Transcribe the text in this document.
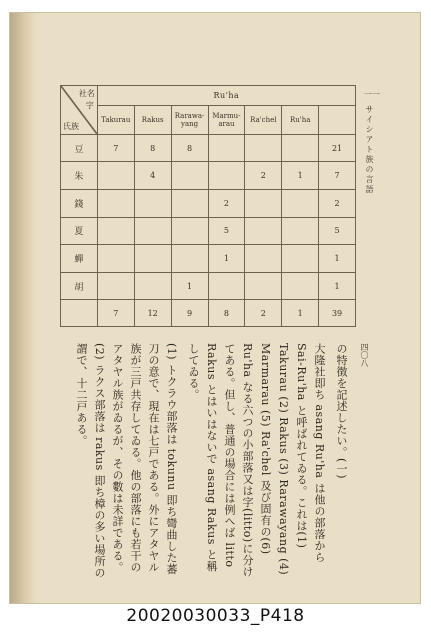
社名
字
氏族	Ru'ha						
	Takurau	Rakus	Rarawa-yang	Marmu-arau	Ra'chel	Ru'ha	
豆	7	8	8				21
朱		4			2	1	7
錢				2			2
夏				5			5
蟬				1			1
胡			1				1
	7	12	9	8	2	1	39
一一
サイシアト族の言語
四〇八

の特徴を記述したい。(一)

大隆社即ち asang Ru'ha は他の部落から Sai-Ru'ha と呼ばれてゐる。これは(1) Takurau (2) Rakus (3) Rarawayang (4) Marmarau (5) Ra'chel 及び固有の(6) Ru'ha なる六つの小部落又は字(litto)に分けてある。但し、普通の場合には例へば litto Rakus とはいはないで asang Rakus と稱してゐる。

(1) トクラウ部落は tokunu 即ち彎曲した蕃刀の意で、現在は七戸である。外にアタヤル族が三戸共存してゐる。他の部落にも若干のアタヤル族がゐるが、その數は未詳である。(2) ラクス部落は rakus 即ち樟の多い場所の謂で、十二戸ある。

20020030033_P418
